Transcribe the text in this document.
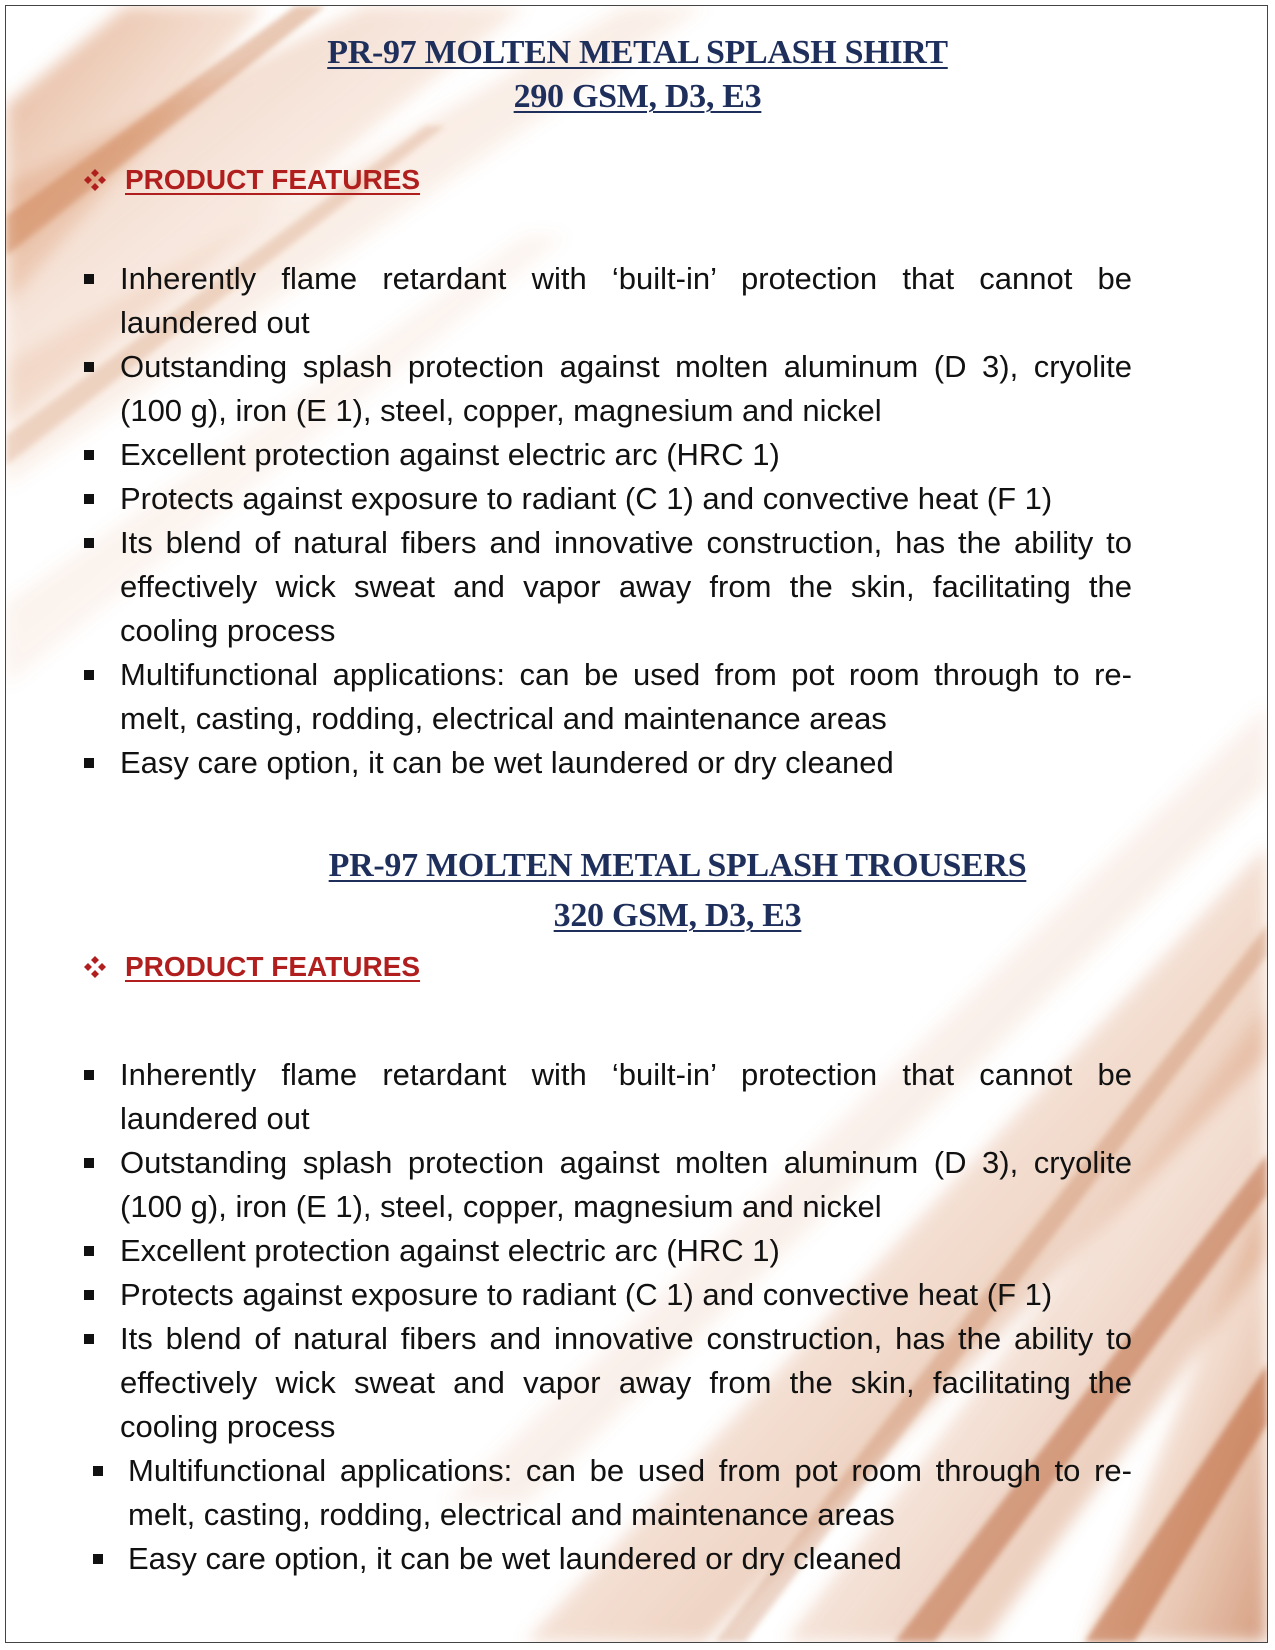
PR-97 MOLTEN METAL SPLASH SHIRT
290 GSM, D3, E3
PRODUCT FEATURES
Inherently flame retardant with ‘built-in’ protection that cannot be laundered out
Outstanding splash protection against molten aluminum (D 3), cryolite (100 g), iron (E 1), steel, copper, magnesium and nickel
Excellent protection against electric arc (HRC 1)
Protects against exposure to radiant (C 1) and convective heat (F 1)
Its blend of natural fibers and innovative construction, has the ability to effectively wick sweat and vapor away from the skin, facilitating the cooling process
Multifunctional applications: can be used from pot room through to re-melt, casting, rodding, electrical and maintenance areas
Easy care option, it can be wet laundered or dry cleaned
PR-97 MOLTEN METAL SPLASH TROUSERS
320 GSM, D3, E3
PRODUCT FEATURES
Inherently flame retardant with ‘built-in’ protection that cannot be laundered out
Outstanding splash protection against molten aluminum (D 3), cryolite (100 g), iron (E 1), steel, copper, magnesium and nickel
Excellent protection against electric arc (HRC 1)
Protects against exposure to radiant (C 1) and convective heat (F 1)
Its blend of natural fibers and innovative construction, has the ability to effectively wick sweat and vapor away from the skin, facilitating the cooling process
Multifunctional applications: can be used from pot room through to re-melt, casting, rodding, electrical and maintenance areas
Easy care option, it can be wet laundered or dry cleaned
